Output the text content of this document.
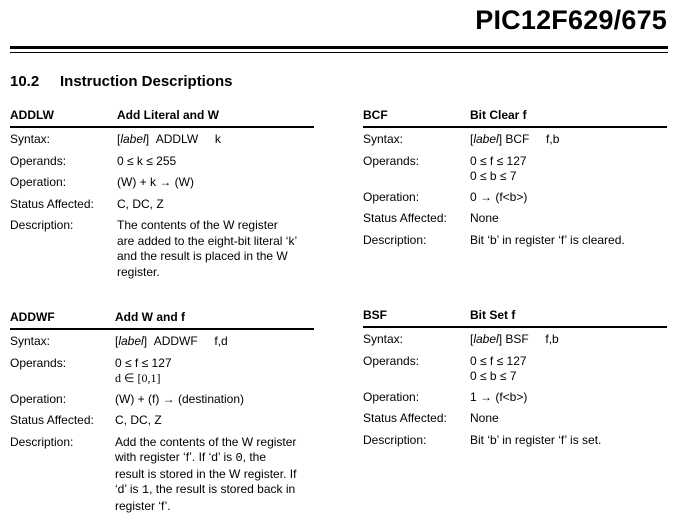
PIC12F629/675
10.2 Instruction Descriptions
ADDLW	Add Literal and W
Syntax:	[label]  ADDLW k
Operands:	0 ≤ k ≤ 255
Operation:	(W) + k → (W)
Status Affected: C, DC, Z
Description:	The contents of the W register
are added to the eight-bit literal ‘k’
and the result is placed in the W
register.
ADDWF	Add W and f
Syntax:	[label]  ADDWF f,d
Operands:	0 ≤ f ≤ 127
d ∈ [0,1]
Operation:	(W) + (f) → (destination)
Status Affected: C, DC, Z
Description:	Add the contents of the W register
with register ‘f’. If ‘d’ is 0, the
result is stored in the W register. If
‘d’ is 1, the result is stored back in
register ‘f’.
BCF	Bit Clear f
Syntax:	[label] BCF f,b
Operands:	0 ≤ f ≤ 127
0 ≤ b ≤ 7
Operation:	0 → (f<b>)
Status Affected: None
Description:	Bit ‘b’ in register ‘f’ is cleared.
BSF	Bit Set f
Syntax:	[label] BSF f,b
Operands:	0 ≤ f ≤ 127
0 ≤ b ≤ 7
Operation:	1 → (f<b>)
Status Affected: None
Description:	Bit ‘b’ in register ‘f’ is set.
